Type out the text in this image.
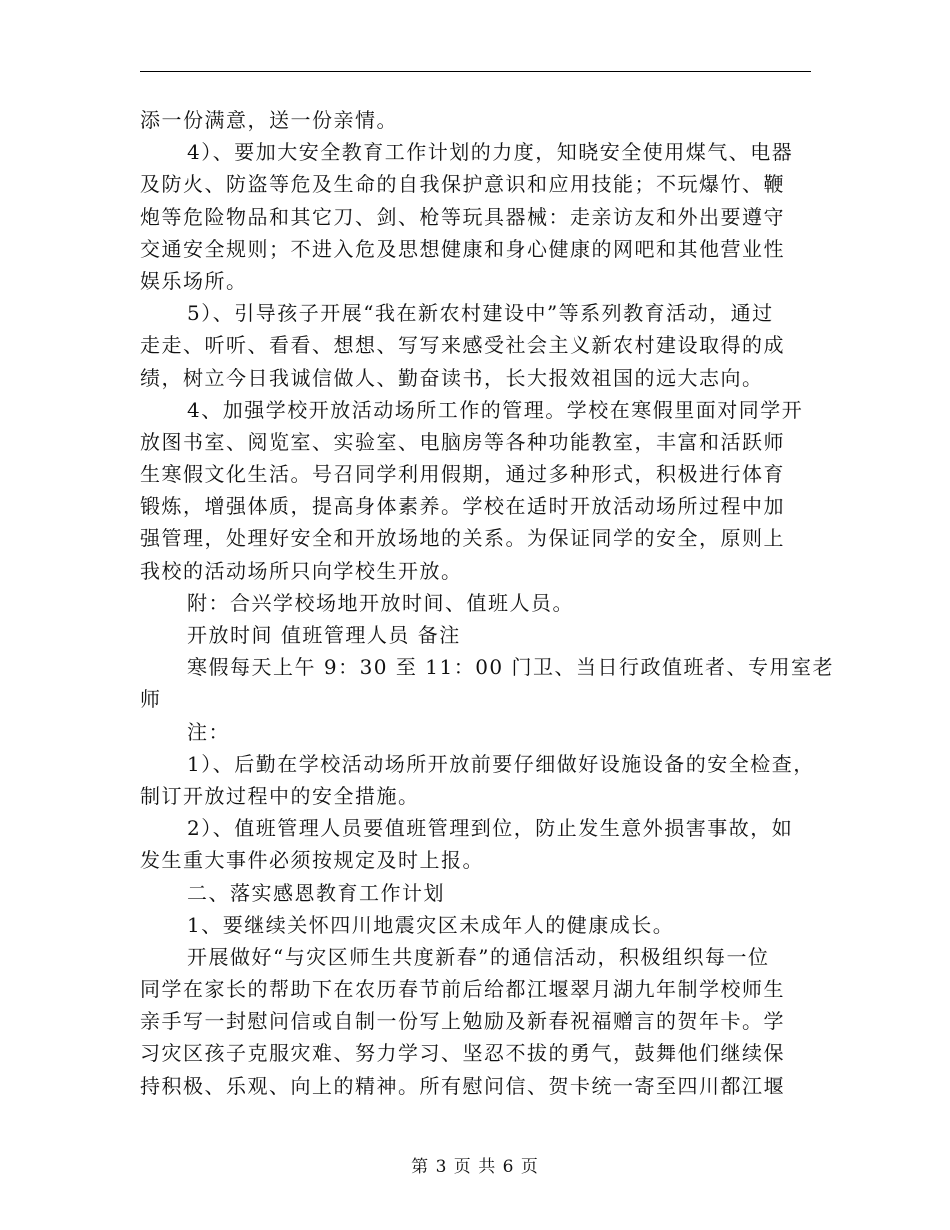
添一份满意，送一份亲情。
4）、要加大安全教育工作计划的力度，知晓安全使用煤气、电器
及防火、防盗等危及生命的自我保护意识和应用技能；不玩爆竹、鞭
炮等危险物品和其它刀、剑、枪等玩具器械：走亲访友和外出要遵守
交通安全规则；不进入危及思想健康和身心健康的网吧和其他营业性
娱乐场所。
5）、引导孩子开展“我在新农村建设中”等系列教育活动，通过
走走、听听、看看、想想、写写来感受社会主义新农村建设取得的成
绩，树立今日我诚信做人、勤奋读书，长大报效祖国的远大志向。
4、加强学校开放活动场所工作的管理。学校在寒假里面对同学开
放图书室、阅览室、实验室、电脑房等各种功能教室，丰富和活跃师
生寒假文化生活。号召同学利用假期，通过多种形式，积极进行体育
锻炼，增强体质，提高身体素养。学校在适时开放活动场所过程中加
强管理，处理好安全和开放场地的关系。为保证同学的安全，原则上
我校的活动场所只向学校生开放。
附：合兴学校场地开放时间、值班人员。
开放时间 值班管理人员 备注
寒假每天上午 9：30 至 11：00 门卫、当日行政值班者、专用室老
师
注：
1）、后勤在学校活动场所开放前要仔细做好设施设备的安全检查，
制订开放过程中的安全措施。
2）、值班管理人员要值班管理到位，防止发生意外损害事故，如
发生重大事件必须按规定及时上报。
二、落实感恩教育工作计划
1、要继续关怀四川地震灾区未成年人的健康成长。
开展做好“与灾区师生共度新春”的通信活动，积极组织每一位
同学在家长的帮助下在农历春节前后给都江堰翠月湖九年制学校师生
亲手写一封慰问信或自制一份写上勉励及新春祝福赠言的贺年卡。学
习灾区孩子克服灾难、努力学习、坚忍不拔的勇气，鼓舞他们继续保
持积极、乐观、向上的精神。所有慰问信、贺卡统一寄至四川都江堰
第 3 页 共 6 页
